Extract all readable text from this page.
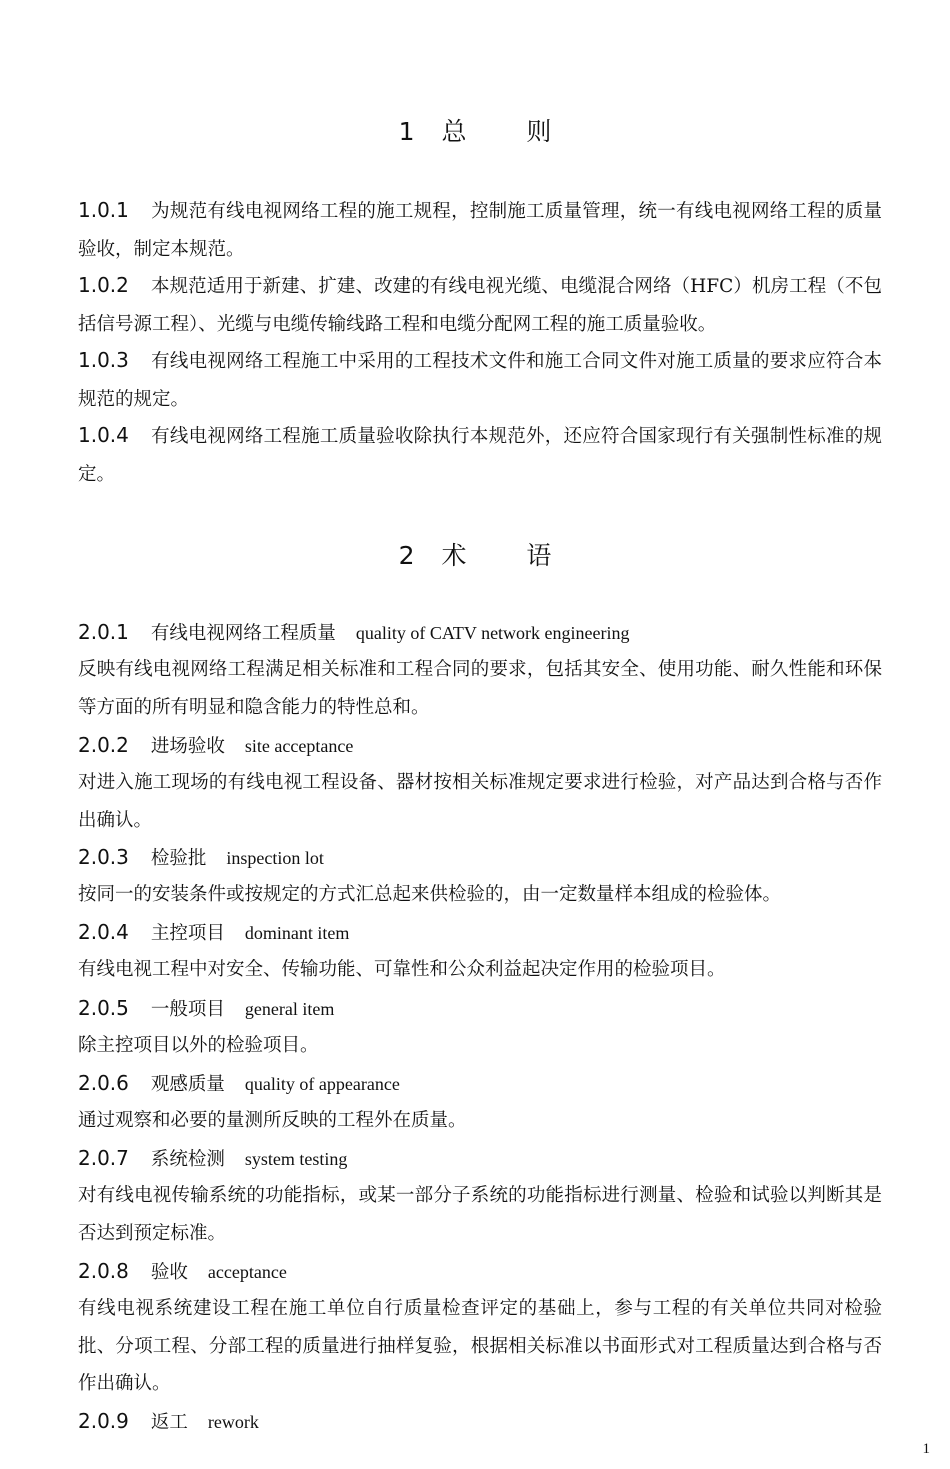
1 总 则
1.0.1 为规范有线电视网络工程的施工规程，控制施工质量管理，统一有线电视网络工程的质量验收，制定本规范。
1.0.2 本规范适用于新建、扩建、改建的有线电视光缆、电缆混合网络（HFC）机房工程（不包括信号源工程）、光缆与电缆传输线路工程和电缆分配网工程的施工质量验收。
1.0.3 有线电视网络工程施工中采用的工程技术文件和施工合同文件对施工质量的要求应符合本规范的规定。
1.0.4 有线电视网络工程施工质量验收除执行本规范外，还应符合国家现行有关强制性标准的规定。
2 术 语
2.0.1 有线电视网络工程质量 quality of CATV network engineering
反映有线电视网络工程满足相关标准和工程合同的要求，包括其安全、使用功能、耐久性能和环保等方面的所有明显和隐含能力的特性总和。
2.0.2 进场验收 site acceptance
对进入施工现场的有线电视工程设备、器材按相关标准规定要求进行检验，对产品达到合格与否作出确认。
2.0.3 检验批 inspection lot
按同一的安装条件或按规定的方式汇总起来供检验的，由一定数量样本组成的检验体。
2.0.4 主控项目 dominant item
有线电视工程中对安全、传输功能、可靠性和公众利益起决定作用的检验项目。
2.0.5 一般项目 general item
除主控项目以外的检验项目。
2.0.6 观感质量 quality of appearance
通过观察和必要的量测所反映的工程外在质量。
2.0.7 系统检测 system testing
对有线电视传输系统的功能指标，或某一部分子系统的功能指标进行测量、检验和试验以判断其是否达到预定标准。
2.0.8 验收 acceptance
有线电视系统建设工程在施工单位自行质量检查评定的基础上，参与工程的有关单位共同对检验批、分项工程、分部工程的质量进行抽样复验，根据相关标准以书面形式对工程质量达到合格与否作出确认。
2.0.9 返工 rework
1
